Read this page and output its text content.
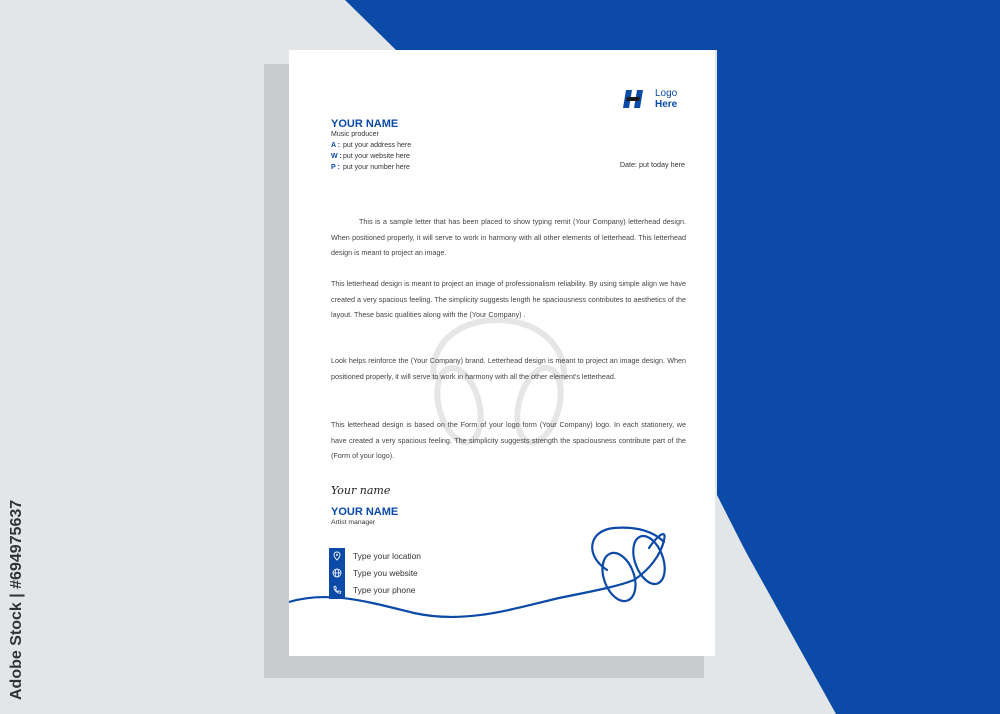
Logo
Here
YOUR NAME
Music producer
A : put your address here
W :put your website here
P : put your number here	Date: put today here
This is a sample letter that has been placed to show typing remit (Your Company) letterhead design. When positioned properly, it will serve to work in harmony with all other elements of letterhead. This letterhead design is meant to project an image.
This letterhead design is meant to project an image of professionalism reliability. By using simple align we have created a very spacious feeling. The simplicity suggests length he spaciousness contributes to aesthetics of the layout. These basic qualities along with the (Your Company) .
Look helps reinforce the (Your Company) brand. Letterhead design is meant to project an image design. When positioned properly, it will serve to work in harmony with all the other element's letterhead.
This letterhead design is based on the Form of your logo form (Your Company) logo. In each stationery, we have created a very spacious feeling. The simplicity suggests strength the spaciousness contribute part of the (Form of your logo).
Your name
YOUR NAME
Artist manager
Type your location
Type you website
Type your phone
Adobe Stock | #694975637
